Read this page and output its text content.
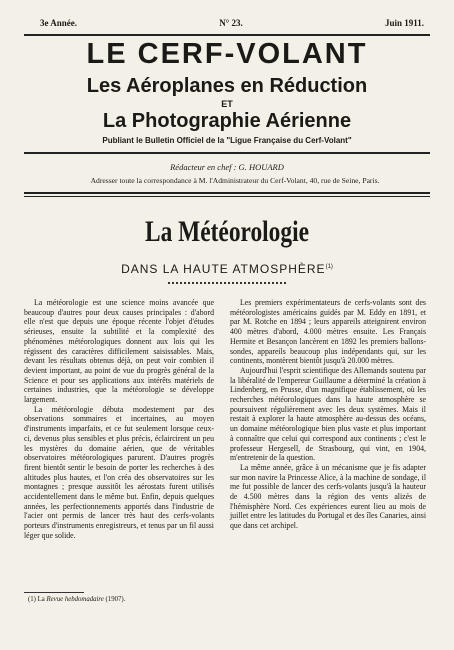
3e Année.	N° 23.	Juin 1911.
LE CERF-VOLANT
Les Aéroplanes en Réduction
ET
La Photographie Aérienne
Publiant le Bulletin Officiel de la "Ligue Française du Cerf-Volant"
Rédacteur en chef : G. HOUARD
Adresser toute la correspondance à M. l'Administrateur du Cerf-Volant, 40, rue de Seine, Paris.
La Météorologie
DANS LA HAUTE ATMOSPHÈRE$^{(1)}$

La météorologie est une science moins avancée que beaucoup d'autres pour deux causes principales : d'abord elle n'est que depuis une époque récente l'objet d'études sérieuses, ensuite la subtilité et la complexité des phénomènes météorologiques donnent aux lois qui les régissent des caractères difficilement saisissables. Mais, devant les résultats obtenus déjà, on peut voir combien il devient important, au point de vue du progrès général de la Science et pour ses applications aux intérêts matériels de certaines industries, que la météorologie se développe largement.

La météorologie débuta modestement par des observations sommaires et incertaines, au moyen d'instruments imparfaits, et ce fut seulement lorsque ceux-ci, devenus plus sensibles et plus précis, éclaircirent un peu les mystères du domaine aérien, que de véritables observatoires météorologiques parurent. D'autres progrès firent bientôt sentir le besoin de porter les recherches à des altitudes plus hautes, et l'on créa des observatoires sur les montagnes ; presque aussitôt les aérostats furent utilisés accidentellement dans le même but. Enfin, depuis quelques années, les perfectionnements apportés dans l'industrie de l'acier ont permis de lancer très haut des cerfs-volants porteurs d'instruments enregistreurs, et tenus par un fil aussi léger que solide.

Les premiers expérimentateurs de cerfs-volants sont des météorologistes américains guidés par M. Eddy en 1891, et par M. Rotche en 1894 ; leurs appareils atteignirent environ 400 mètres d'abord, 4.000 mètres ensuite. Les Français Hermite et Besançon lancèrent en 1892 les premiers ballons-sondes, appareils beaucoup plus indépendants qui, sur les continents, montèrent bientôt jusqu'à 20.000 mètres.

Aujourd'hui l'esprit scientifique des Allemands soutenu par la libéralité de l'empereur Guillaume a déterminé la création à Lindenberg, en Prusse, d'un magnifique établissement, où les recherches météorologiques dans la haute atmosphère se poursuivent régulièrement avec les deux systèmes. Mais il restait à explorer la haute atmosphère au-dessus des océans, un domaine météorologique bien plus vaste et plus important à connaître que celui qui correspond aux continents ; c'est le professeur Hergesell, de Strasbourg, qui vint, en 1904, m'entretenir de la question.

La même année, grâce à un mécanisme que je fis adapter sur mon navire la Princesse Alice, à la machine de sondage, il me fut possible de lancer des cerfs-volants jusqu'à la hauteur de 4.500 mètres dans la région des vents alizés de l'hémisphère Nord. Ces expériences eurent lieu au mois de juillet entre les latitudes du Portugal et des îles Canaries, ainsi que dans cet archipel.

(1) La Revue hebdomadaire (1907).
